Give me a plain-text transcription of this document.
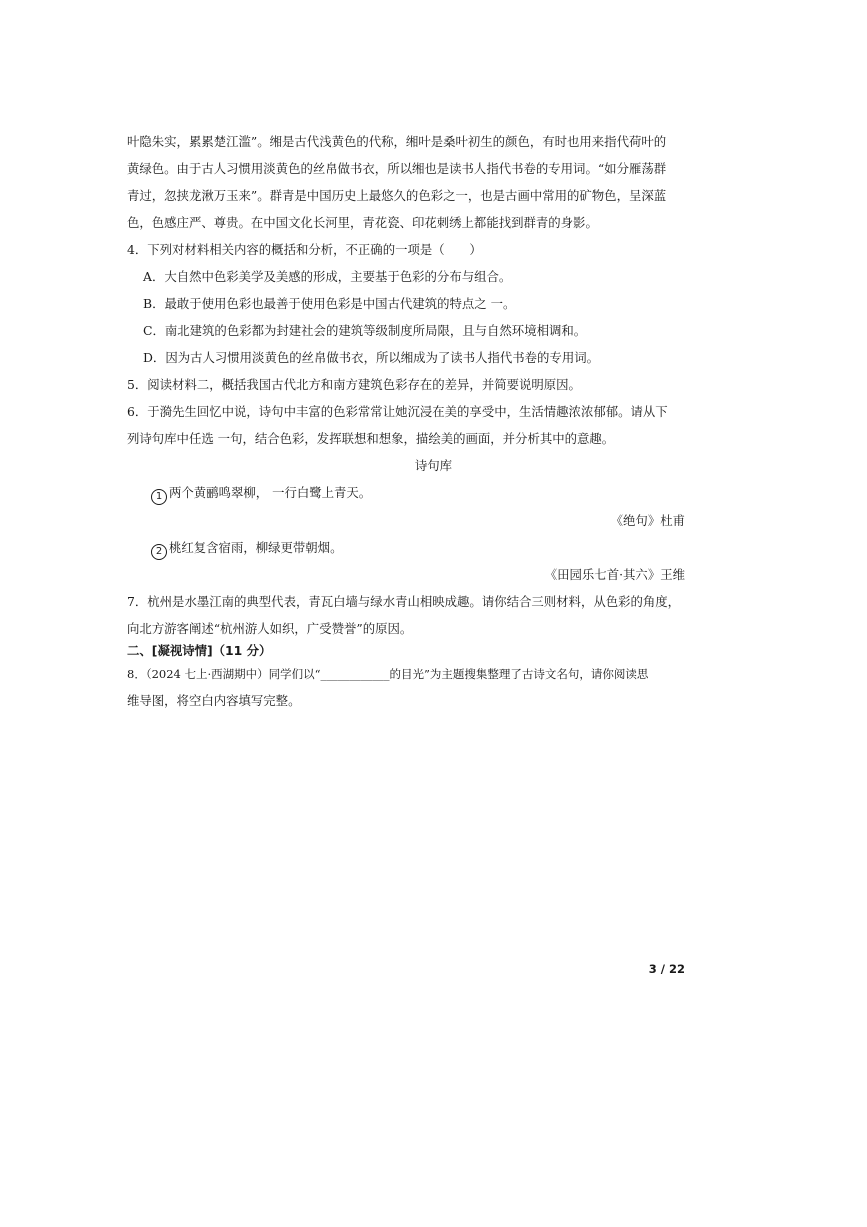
叶隐朱实，累累楚江滥”。缃是古代浅黄色的代称，缃叶是桑叶初生的颜色，有时也用来指代荷叶的
黄绿色。由于古人习惯用淡黄色的丝帛做书衣，所以缃也是读书人指代书卷的专用词。“如分雁荡群
青过，忽挟龙湫万玉来”。群青是中国历史上最悠久的色彩之一，也是古画中常用的矿物色，呈深蓝
色，色感庄严、尊贵。在中国文化长河里，青花瓷、印花刺绣上都能找到群青的身影。
4．下列对材料相关内容的概括和分析，不正确的一项是（　　）
A．大自然中色彩美学及美感的形成，主要基于色彩的分布与组合。
B．最敢于使用色彩也最善于使用色彩是中国古代建筑的特点之 一。
C．南北建筑的色彩都为封建社会的建筑等级制度所局限，且与自然环境相调和。
D．因为古人习惯用淡黄色的丝帛做书衣，所以缃成为了读书人指代书卷的专用词。
5．阅读材料二，概括我国古代北方和南方建筑色彩存在的差异，并简要说明原因。
6．于漪先生回忆中说，诗句中丰富的色彩常常让她沉浸在美的享受中，生活情趣浓浓郁郁。请从下
列诗句库中任选 一句，结合色彩，发挥联想和想象，描绘美的画面，并分析其中的意趣。
诗句库
1 两个黄鹂鸣翠柳， 一行白鹭上青天。
《绝句》杜甫
2 桃红复含宿雨，柳绿更带朝烟。
《田园乐七首·其六》王维
7．杭州是水墨江南的典型代表，青瓦白墙与绿水青山相映成趣。请你结合三则材料，从色彩的角度，
向北方游客阐述“杭州游人如织，广受赞誉”的原因。
二、[凝视诗情]（11 分）
8．（2024 七上·西湖期中）同学们以“____________的目光”为主题搜集整理了古诗文名句，请你阅读思
维导图，将空白内容填写完整。
3 / 22
